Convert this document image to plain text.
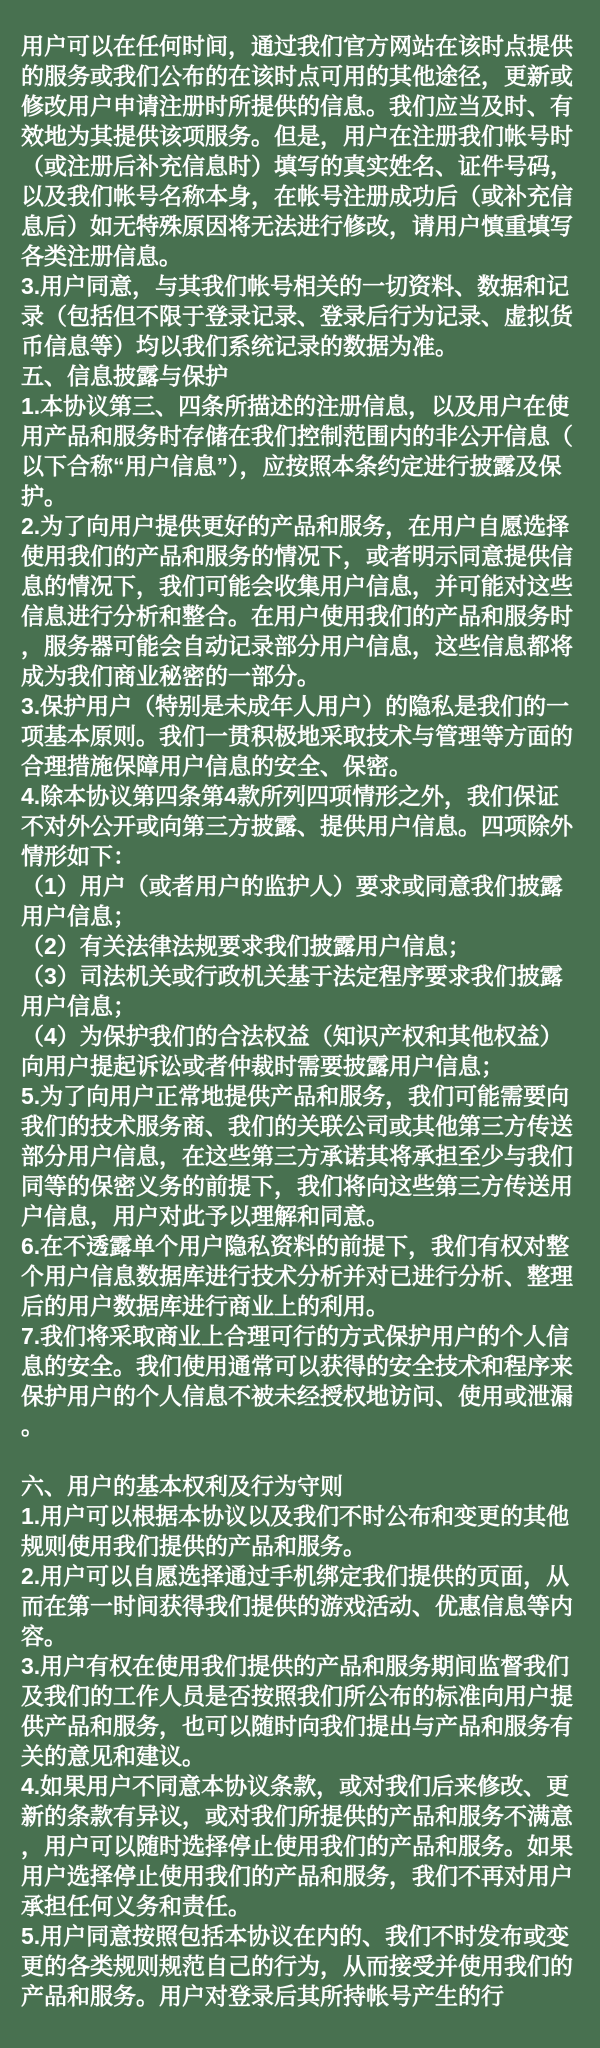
用户可以在任何时间，通过我们官方网站在该时点提供的服务或我们公布的在该时点可用的其他途径，更新或修改用户申请注册时所提供的信息。我们应当及时、有效地为其提供该项服务。但是，用户在注册我们帐号时（或注册后补充信息时）填写的真实姓名、证件号码，以及我们帐号名称本身，在帐号注册成功后（或补充信息后）如无特殊原因将无法进行修改，请用户慎重填写各类注册信息。

3.用户同意，与其我们帐号相关的一切资料、数据和记录（包括但不限于登录记录、登录后行为记录、虚拟货币信息等）均以我们系统记录的数据为准。

五、信息披露与保护

1.本协议第三、四条所描述的注册信息，以及用户在使用产品和服务时存储在我们控制范围内的非公开信息（以下合称“用户信息”），应按照本条约定进行披露及保护。

2.为了向用户提供更好的产品和服务，在用户自愿选择使用我们的产品和服务的情况下，或者明示同意提供信息的情况下，我们可能会收集用户信息，并可能对这些信息进行分析和整合。在用户使用我们的产品和服务时，服务器可能会自动记录部分用户信息，这些信息都将成为我们商业秘密的一部分。

3.保护用户（特别是未成年人用户）的隐私是我们的一项基本原则。我们一贯积极地采取技术与管理等方面的合理措施保障用户信息的安全、保密。

4.除本协议第四条第4款所列四项情形之外，我们保证不对外公开或向第三方披露、提供用户信息。四项除外情形如下：

（1）用户（或者用户的监护人）要求或同意我们披露用户信息；

（2）有关法律法规要求我们披露用户信息；

（3）司法机关或行政机关基于法定程序要求我们披露用户信息；

（4）为保护我们的合法权益（知识产权和其他权益）向用户提起诉讼或者仲裁时需要披露用户信息；

5.为了向用户正常地提供产品和服务，我们可能需要向我们的技术服务商、我们的关联公司或其他第三方传送部分用户信息，在这些第三方承诺其将承担至少与我们同等的保密义务的前提下，我们将向这些第三方传送用户信息，用户对此予以理解和同意。

6.在不透露单个用户隐私资料的前提下，我们有权对整个用户信息数据库进行技术分析并对已进行分析、整理后的用户数据库进行商业上的利用。

7.我们将采取商业上合理可行的方式保护用户的个人信息的安全。我们使用通常可以获得的安全技术和程序来保护用户的个人信息不被未经授权地访问、使用或泄漏。

六、用户的基本权利及行为守则

1.用户可以根据本协议以及我们不时公布和变更的其他规则使用我们提供的产品和服务。

2.用户可以自愿选择通过手机绑定我们提供的页面，从而在第一时间获得我们提供的游戏活动、优惠信息等内容。

3.用户有权在使用我们提供的产品和服务期间监督我们及我们的工作人员是否按照我们所公布的标准向用户提供产品和服务，也可以随时向我们提出与产品和服务有关的意见和建议。

4.如果用户不同意本协议条款，或对我们后来修改、更新的条款有异议，或对我们所提供的产品和服务不满意，用户可以随时选择停止使用我们的产品和服务。如果用户选择停止使用我们的产品和服务，我们不再对用户承担任何义务和责任。

5.用户同意按照包括本协议在内的、我们不时发布或变更的各类规则规范自己的行为，从而接受并使用我们的产品和服务。用户对登录后其所持帐号产生的行
